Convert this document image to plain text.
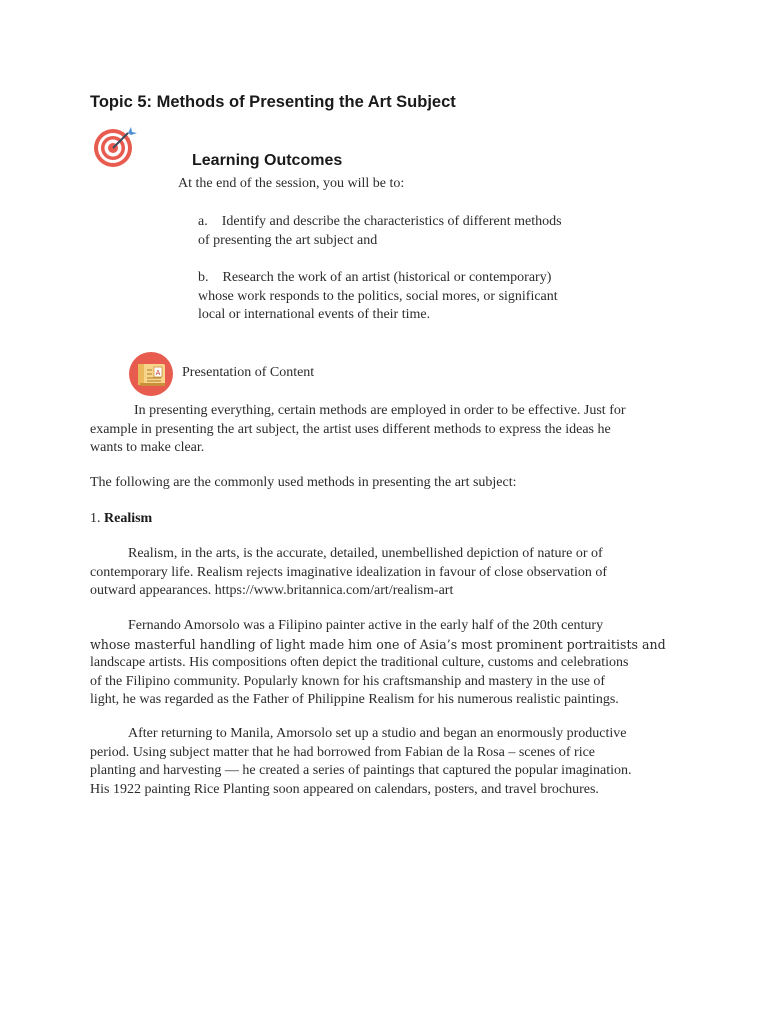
Topic 5: Methods of Presenting the Art Subject
Learning Outcomes
At the end of the session, you will be to:
a. Identify and describe the characteristics of different methods
of presenting the art subject and
b. Research the work of an artist (historical or contemporary)
whose work responds to the politics, social mores, or significant
local or international events of their time.
A Presentation of Content
In presenting everything, certain methods are employed in order to be effective. Just for
example in presenting the art subject, the artist uses different methods to express the ideas he
wants to make clear.
The following are the commonly used methods in presenting the art subject:
1. Realism
Realism, in the arts, is the accurate, detailed, unembellished depiction of nature or of
contemporary life. Realism rejects imaginative idealization in favour of close observation of
outward appearances. https://www.britannica.com/art/realism-art
Fernando Amorsolo was a Filipino painter active in the early half of the 20th century
whose masterful handling of light made him one of Asia’s most prominent portraitists and
landscape artists. His compositions often depict the traditional culture, customs and celebrations
of the Filipino community. Popularly known for his craftsmanship and mastery in the use of
light, he was regarded as the Father of Philippine Realism for his numerous realistic paintings.
After returning to Manila, Amorsolo set up a studio and began an enormously productive
period. Using subject matter that he had borrowed from Fabian de la Rosa – scenes of rice
planting and harvesting — he created a series of paintings that captured the popular imagination.
His 1922 painting Rice Planting soon appeared on calendars, posters, and travel brochures.
